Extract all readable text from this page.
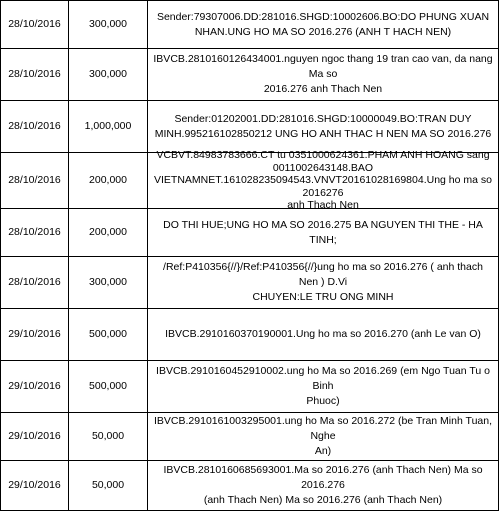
28/10/2016	300,000
Sender:79307006.DD:281016.SHGD:10002606.BO:DO PHUNG XUAN
NHAN.UNG HO MA SO 2016.276 (ANH T HACH NEN)
28/10/2016	300,000
IBVCB.2810160126434001.nguyen ngoc thang 19 tran cao van, da nang Ma so
2016.276 anh Thach Nen
28/10/2016	1,000,000
Sender:01202001.DD:281016.SHGD:10000049.BO:TRAN DUY
MINH.995216102850212 UNG HO ANH THAC H NEN MA SO 2016.276
28/10/2016	200,000
VCBVT.84983783666.CT tu 0351000624361.PHAM ANH HOANG sang
0011002643148.BAO
VIETNAMNET.161028235094543.VNVT20161028169804.Ung ho ma so 2016276
anh Thach Nen
28/10/2016	200,000
DO THI HUE;UNG HO MA SO 2016.275 BA NGUYEN THI THE - HA TINH;
28/10/2016	300,000
/Ref:P410356{//}/Ref:P410356{//}ung ho ma so 2016.276 ( anh thach Nen ) D.Vi
CHUYEN:LE TRU ONG MINH
29/10/2016	500,000	IBVCB.2910160370190001.Ung ho ma so 2016.270 (anh Le van O)
29/10/2016	500,000
IBVCB.2910160452910002.ung ho Ma so 2016.269 (em Ngo Tuan Tu o Binh
Phuoc)
29/10/2016	50,000
IBVCB.2910161003295001.ung ho Ma so 2016.272 (be Tran Minh Tuan, Nghe
An)
29/10/2016	50,000
IBVCB.2810160685693001.Ma so 2016.276 (anh Thach Nen) Ma so 2016.276
(anh Thach Nen) Ma so 2016.276 (anh Thach Nen)
